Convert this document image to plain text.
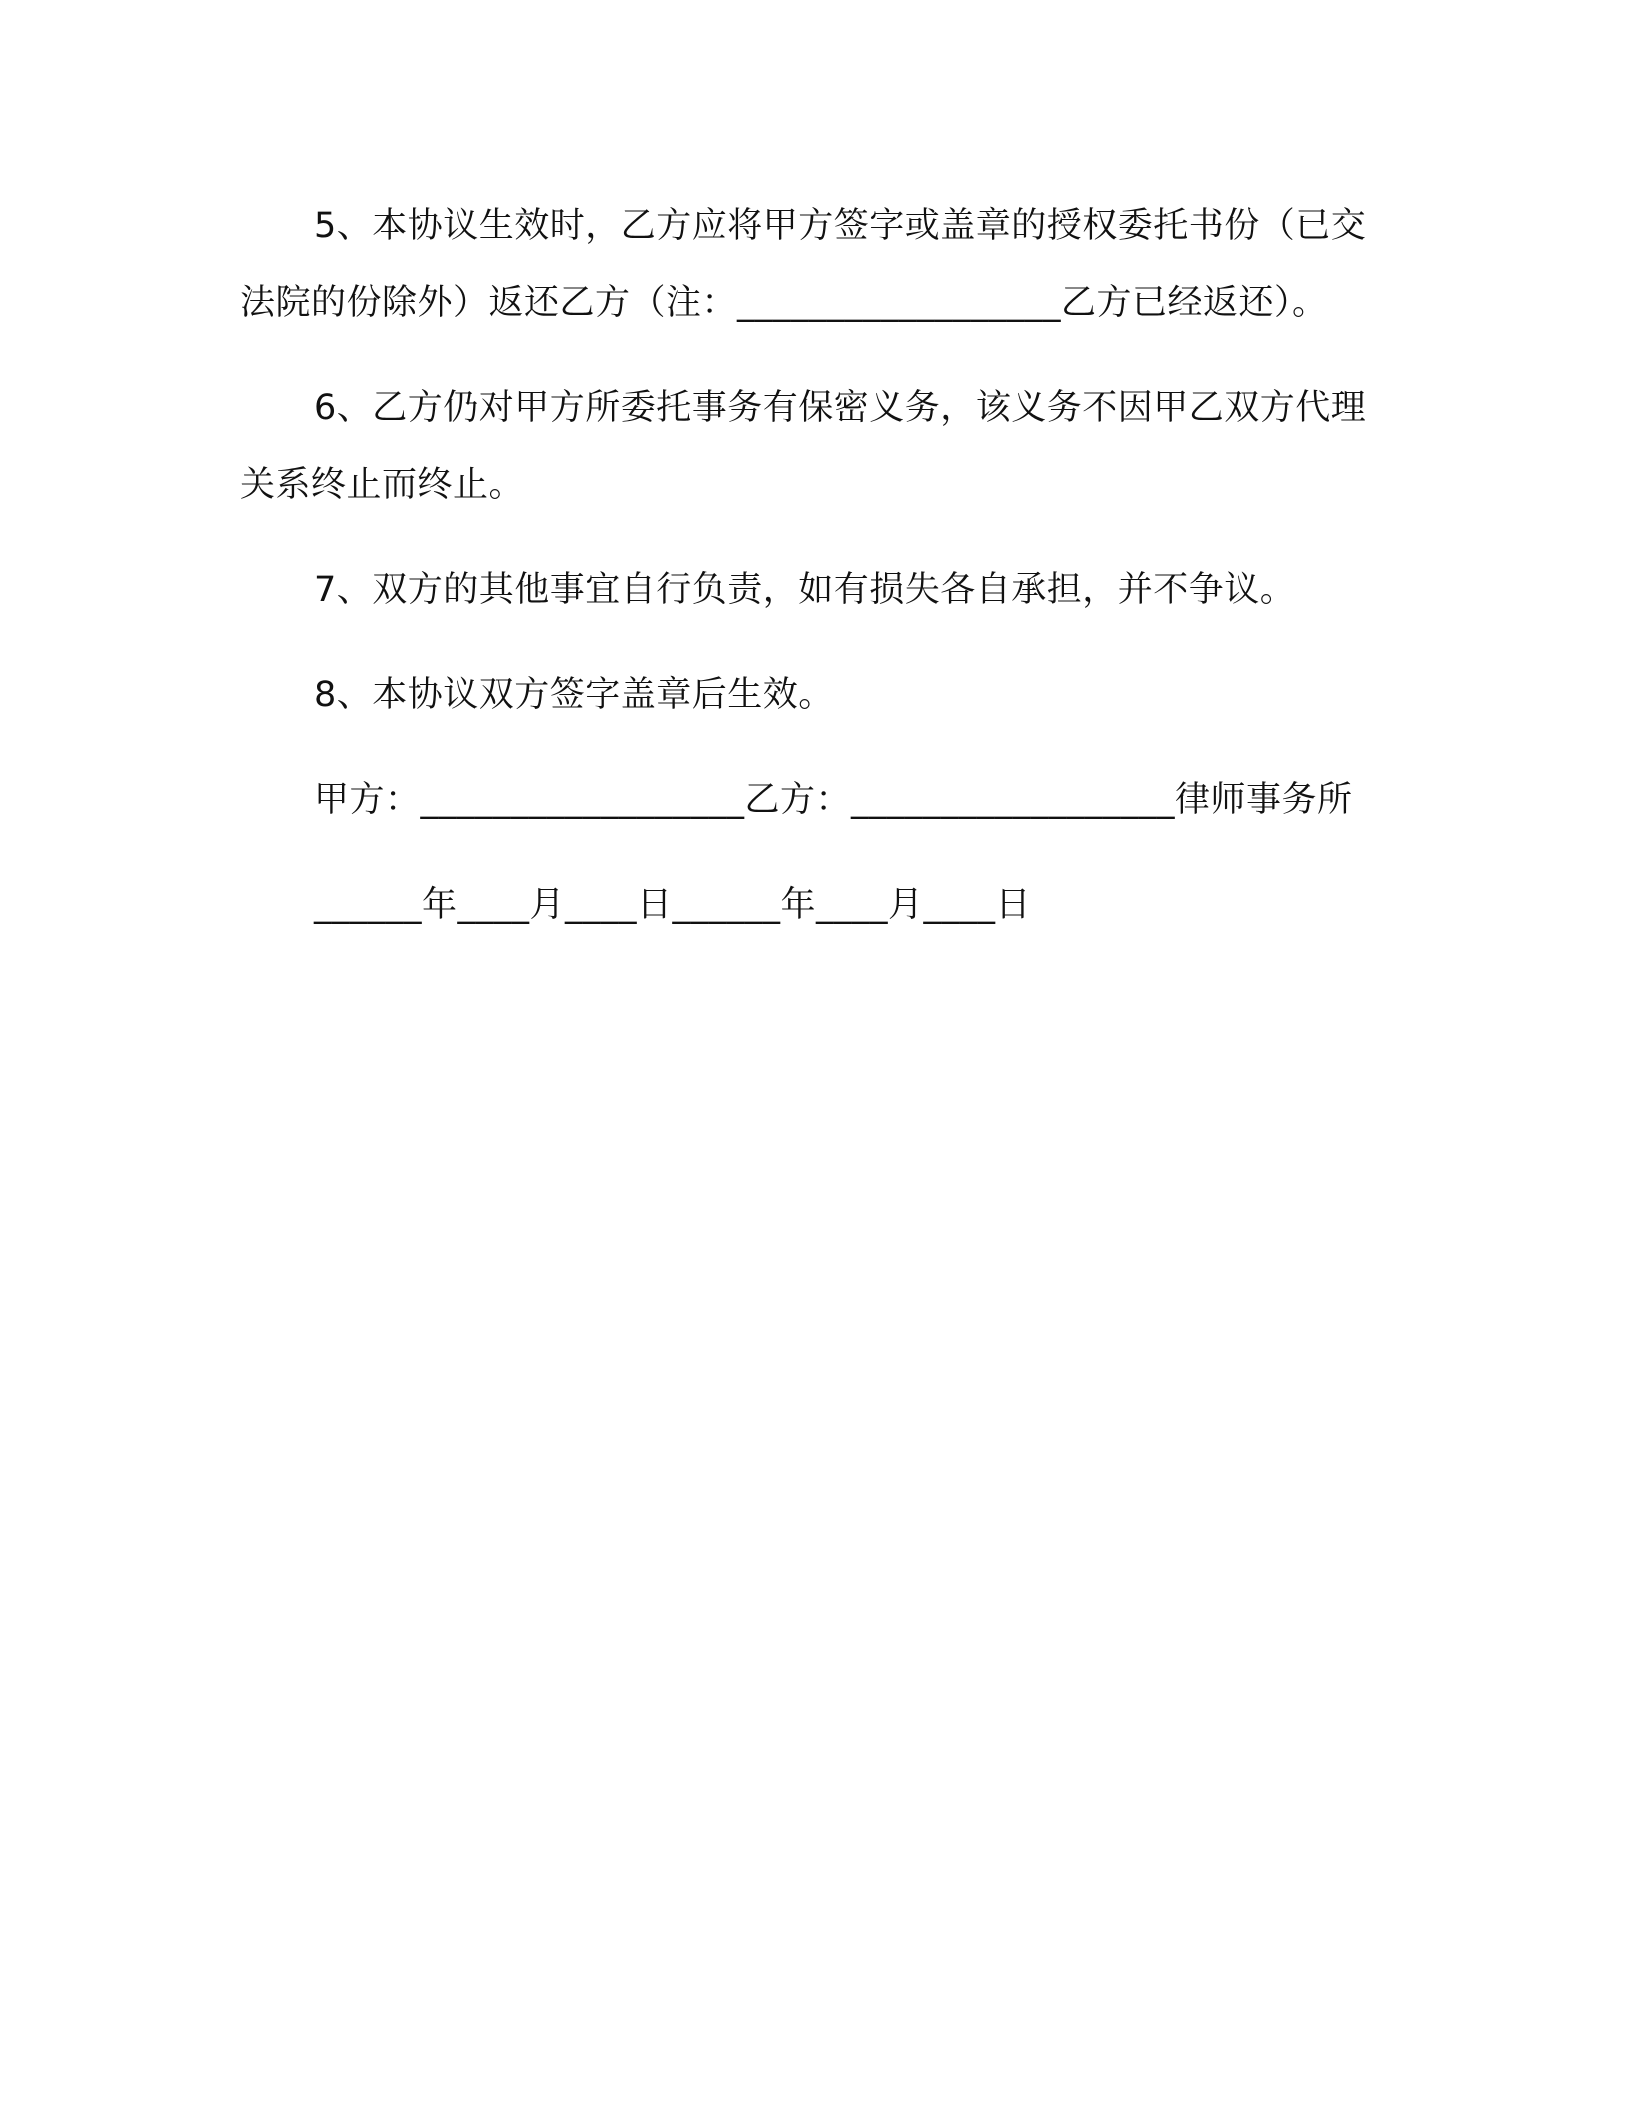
5、本协议生效时，乙方应将甲方签字或盖章的授权委托书份（已交法院的份除外）返还乙方（注：__________________乙方已经返还）。

6、乙方仍对甲方所委托事务有保密义务，该义务不因甲乙双方代理关系终止而终止。

7、双方的其他事宜自行负责，如有损失各自承担，并不争议。

8、本协议双方签字盖章后生效。

甲方：__________________乙方：__________________律师事务所

______年____月____日______年____月____日
